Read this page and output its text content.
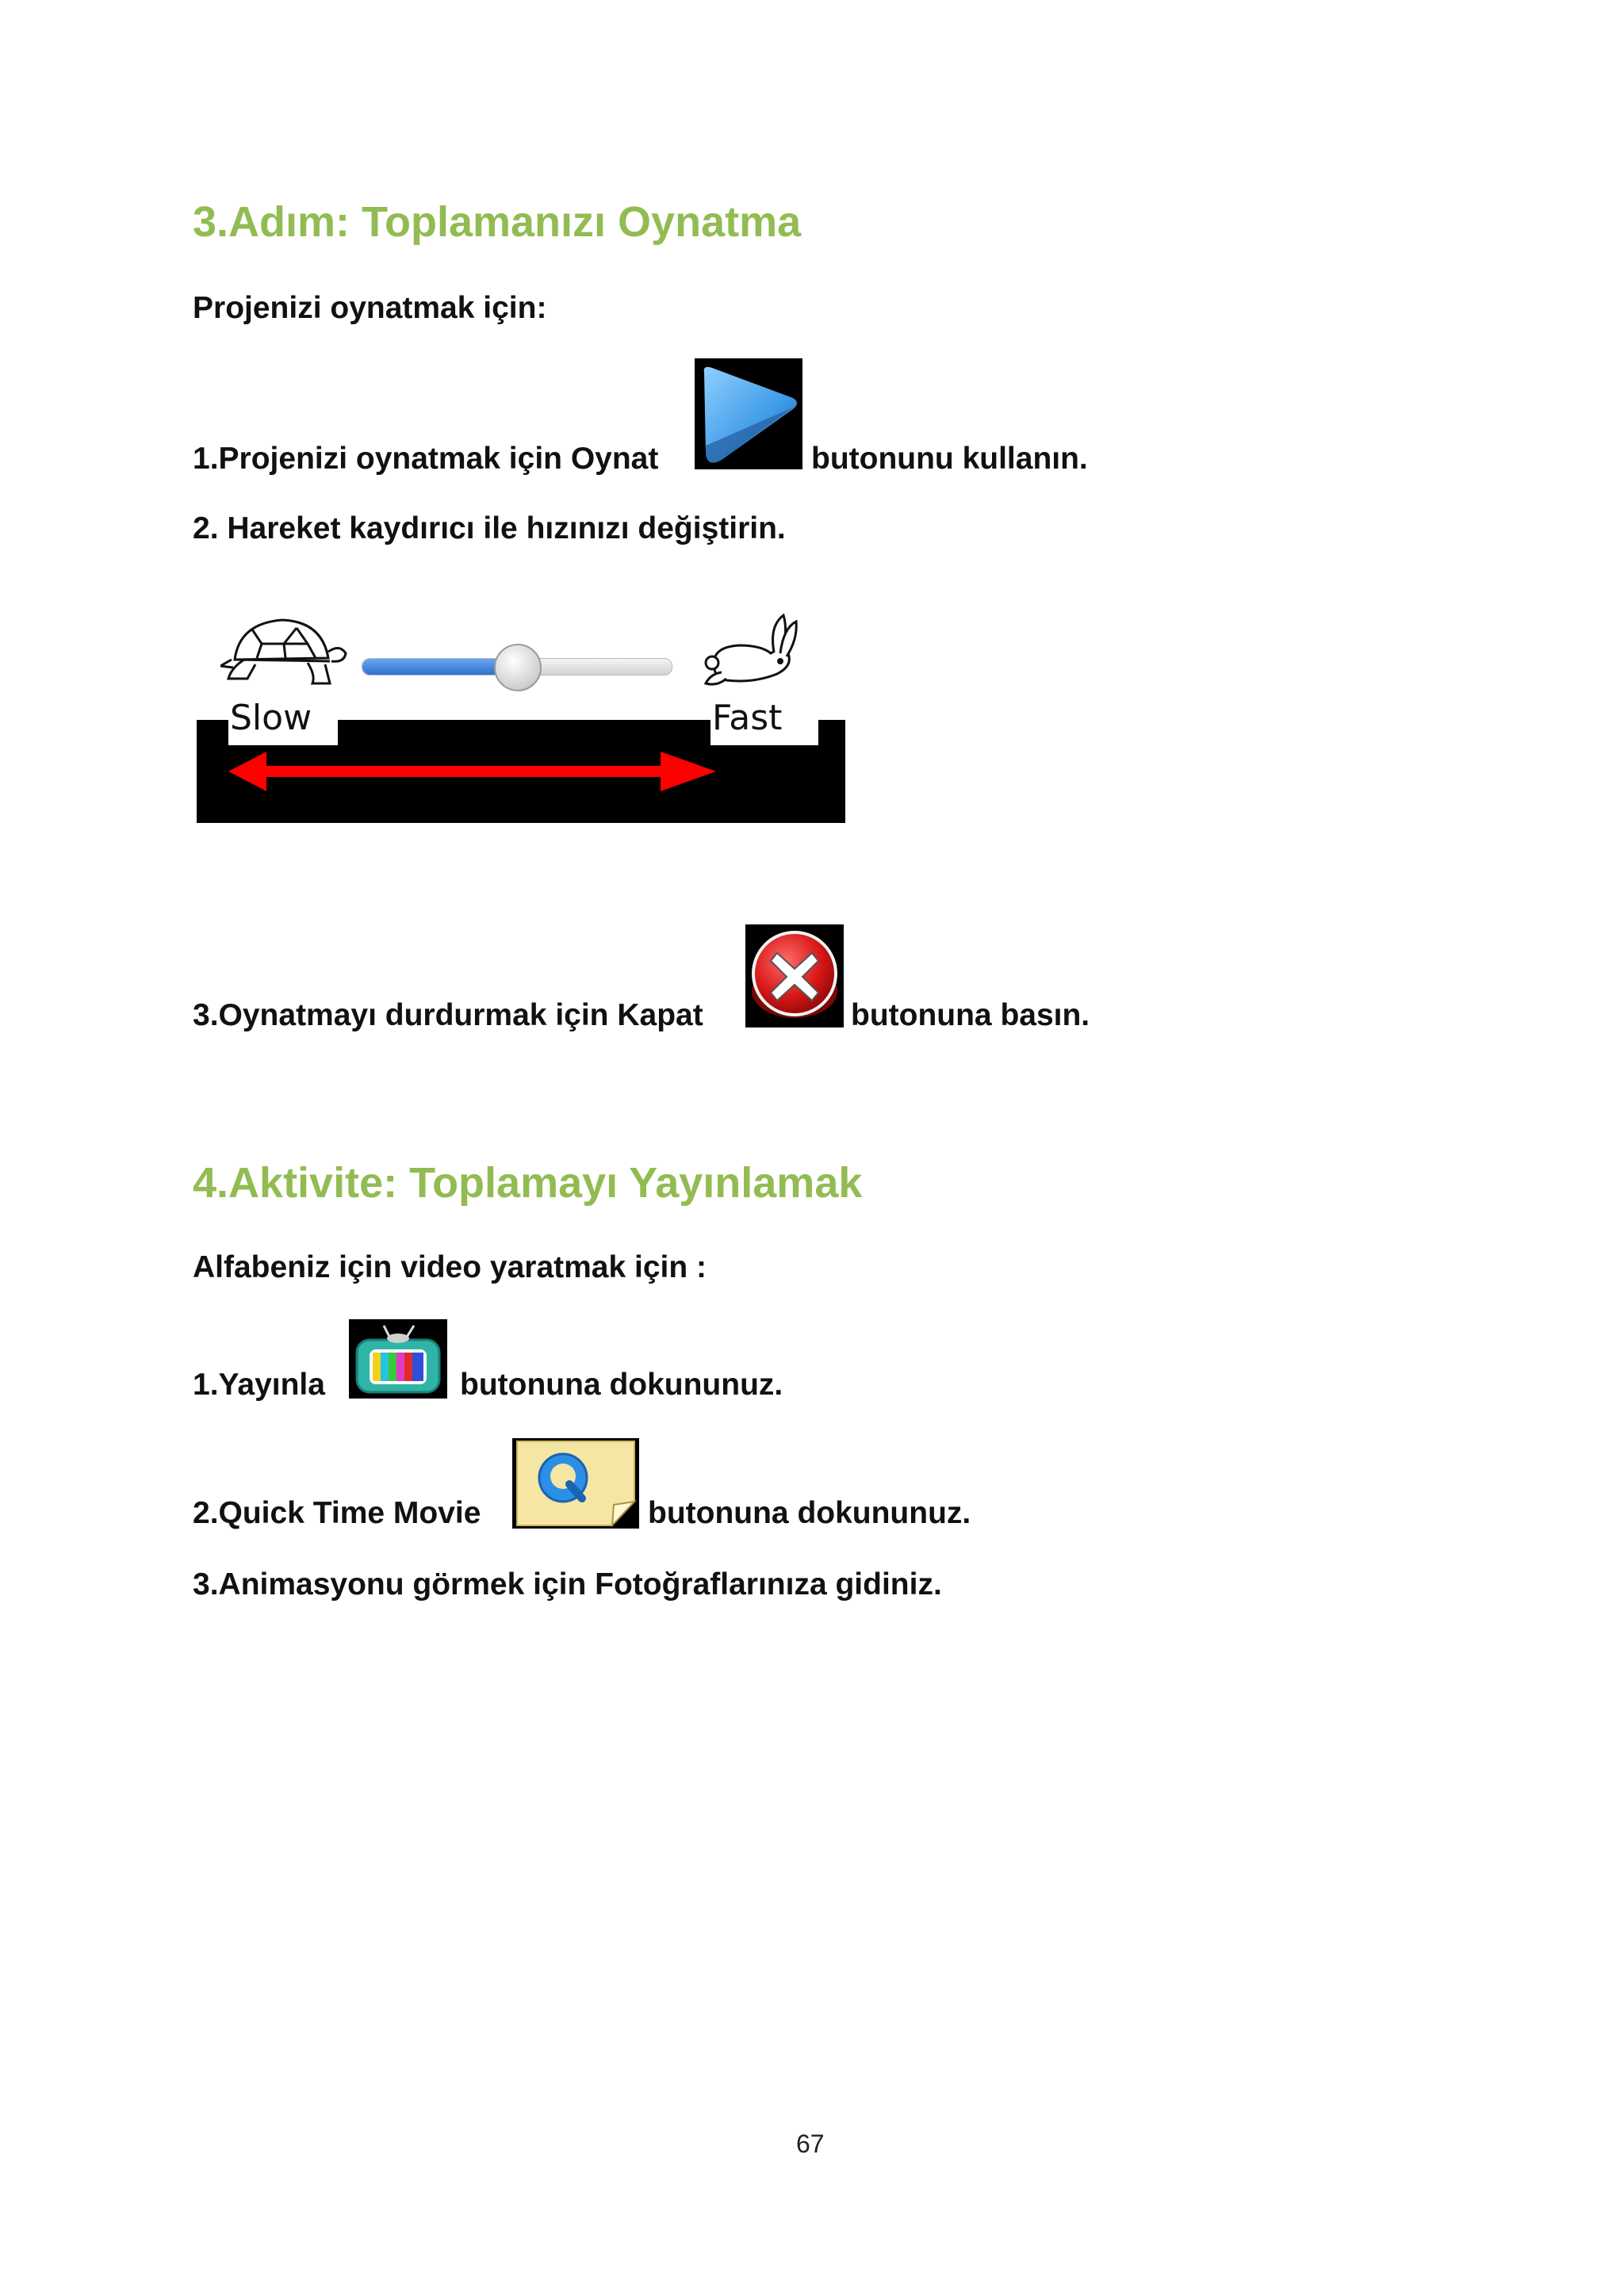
3.Adım: Toplamanızı Oynatma
Projenizi oynatmak için:
1.Projenizi oynatmak için Oynat	butonunu kullanın.
2. Hareket kaydırıcı ile hızınızı değiştirin.
Slow	Fast
3.Oynatmayı durdurmak için Kapat	butonuna basın.
4.Aktivite: Toplamayı Yayınlamak
Alfabeniz için video yaratmak için :
1.Yayınla	butonuna dokununuz.
2.Quick Time Movie	butonuna dokununuz.
3.Animasyonu görmek için Fotoğraflarınıza gidiniz.
67
